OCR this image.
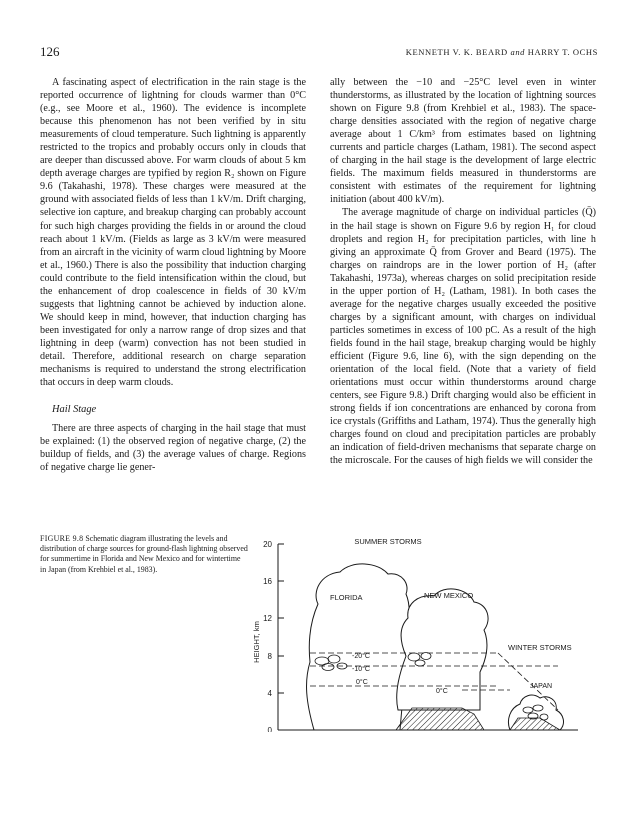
126	KENNETH V. K. BEARD and HARRY T. OCHS

A fascinating aspect of electrification in the rain stage is the reported occurrence of lightning for clouds warmer than 0°C (e.g., see Moore et al., 1960). The evidence is incomplete because this phenomenon has not been verified by in situ measurements of cloud temperature. Such lightning is apparently restricted to the tropics and probably occurs only in clouds that are deeper than discussed above. For warm clouds of about 5 km depth average charges are typified by region R₂ shown on Figure 9.6 (Takahashi, 1978). These charges were measured at the ground with associated fields of less than 1 kV/m. Drift charging, selective ion capture, and breakup charging can probably account for such high charges providing the fields in or around the cloud reach about 1 kV/m. (Fields as large as 3 kV/m were measured from an aircraft in the vicinity of warm cloud lightning by Moore et al., 1960.) There is also the possibility that induction charging could contribute to the field intensification within the cloud, but the enhancement of drop coalescence in fields of 30 kV/m suggests that lightning cannot be achieved by induction alone. We should keep in mind, however, that induction charging has been investigated for only a narrow range of drop sizes and that lightning in deep (warm) convection has not been studied in detail. Therefore, additional research on charge separation mechanisms is required to understand the strong electrification that occurs in deep warm clouds.

Hail Stage

There are three aspects of charging in the hail stage that must be explained: (1) the observed region of negative charge, (2) the buildup of fields, and (3) the average values of charge. Regions of negative charge lie gener-

ally between the −10 and −25°C level even in winter thunderstorms, as illustrated by the location of lightning sources shown on Figure 9.8 (from Krehbiel et al., 1983). The space-charge densities associated with the region of negative charge average about 1 C/km³ from estimates based on lightning currents and particle charges (Latham, 1981). The second aspect of charging in the hail stage is the development of large electric fields. The maximum fields measured in thunderstorms are consistent with estimates of the requirement for lightning initiation (about 400 kV/m).

The average magnitude of charge on individual particles (Q̄) in the hail stage is shown on Figure 9.6 by region H₁ for cloud droplets and region H₂ for precipitation particles, with line h giving an approximate Q̄ from Grover and Beard (1975). The charges on raindrops are in the lower portion of H₂ (after Takahashi, 1973a), whereas charges on solid precipitation reside in the upper portion of H₂ (Latham, 1981). In both cases the average for the negative charges usually exceeded the positive charges by a significant amount, with charges on individual particles sometimes in excess of 100 pC. As a result of the high fields found in the hail stage, breakup charging would be highly efficient (Figure 9.6, line 6), with the sign depending on the orientation of the local field. (Note that a variety of field orientations must occur within thunderstorms around charge centers, see Figure 9.8.) Drift charging would also be efficient in strong fields if ion concentrations are enhanced by corona from ice crystals (Griffiths and Latham, 1974). Thus the generally high charges found on cloud and precipitation particles are probably an indication of field-driven mechanisms that separate charge on the microscale. For the causes of high fields we will consider the

FIGURE 9.8 Schematic diagram illustrating the levels and distribution of charge sources for ground-flash lightning observed for summertime in Florida and New Mexico and for wintertime in Japan (from Krehbiel et al., 1983).
20
16
12
8
4
0
HEIGHT, km
SUMMER STORMS
FLORIDA	NEW MEXICO
JAPAN
WINTER STORMS
-20°C
-10°C
0°C
0°C
